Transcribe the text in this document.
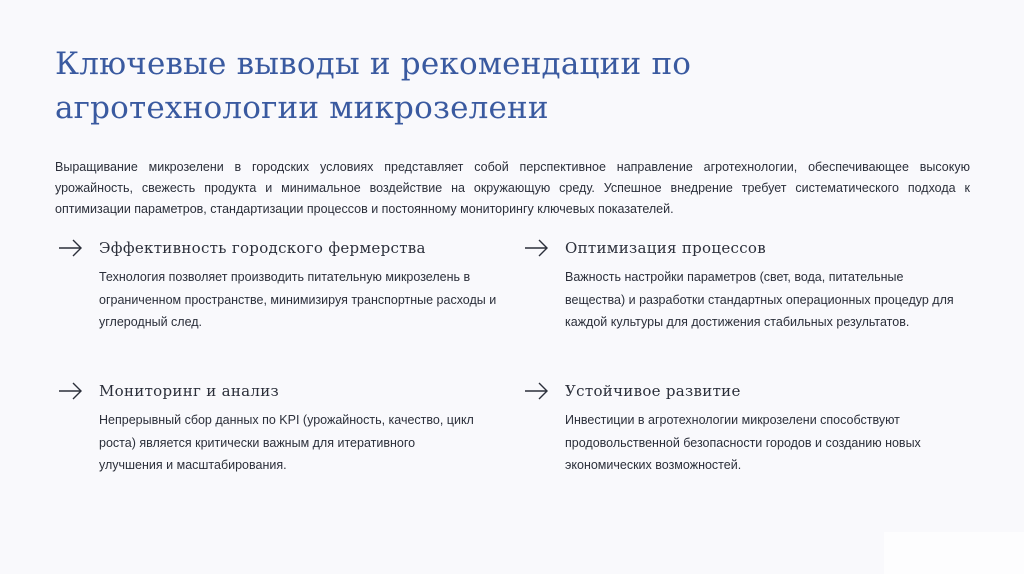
Ключевые выводы и рекомендации по агротехнологии микрозелени
Выращивание микрозелени в городских условиях представляет собой перспективное направление агротехнологии, обеспечивающее высокую урожайность, свежесть продукта и минимальное воздействие на окружающую среду. Успешное внедрение требует систематического подхода к оптимизации параметров, стандартизации процессов и постоянному мониторингу ключевых показателей.
Эффективность городского фермерства
Технология позволяет производить питательную микрозелень в ограниченном пространстве, минимизируя транспортные расходы и углеродный след.
Оптимизация процессов
Важность настройки параметров (свет, вода, питательные вещества) и разработки стандартных операционных процедур для каждой культуры для достижения стабильных результатов.
Мониторинг и анализ
Непрерывный сбор данных по KPI (урожайность, качество, цикл роста) является критически важным для итеративного улучшения и масштабирования.
Устойчивое развитие
Инвестиции в агротехнологии микрозелени способствуют продовольственной безопасности городов и созданию новых экономических возможностей.
